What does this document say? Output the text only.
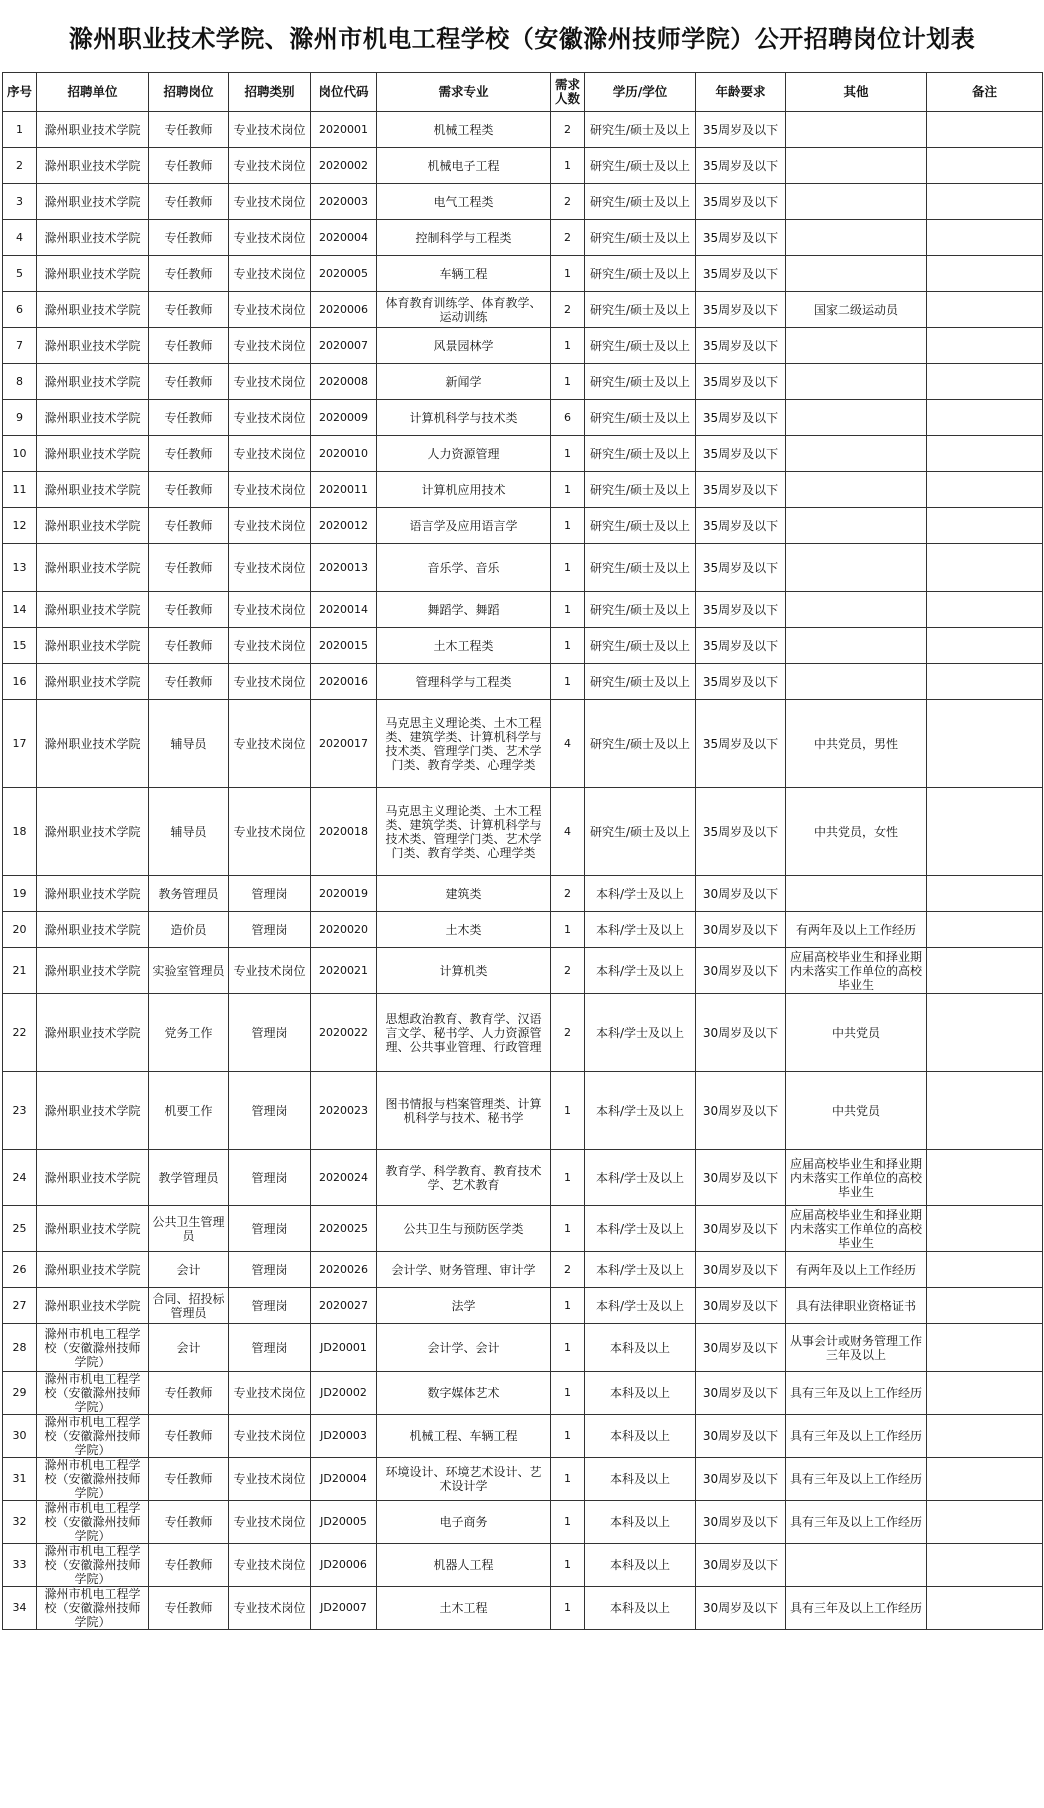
滁州职业技术学院、滁州市机电工程学校（安徽滁州技师学院）公开招聘岗位计划表
序号	招聘单位	招聘岗位	招聘类别	岗位代码	需求专业	需求人数	学历/学位	年龄要求	其他	备注
1	滁州职业技术学院	专任教师	专业技术岗位	2020001	机械工程类	2	研究生/硕士及以上	35周岁及以下		
2	滁州职业技术学院	专任教师	专业技术岗位	2020002	机械电子工程	1	研究生/硕士及以上	35周岁及以下		
3	滁州职业技术学院	专任教师	专业技术岗位	2020003	电气工程类	2	研究生/硕士及以上	35周岁及以下		
4	滁州职业技术学院	专任教师	专业技术岗位	2020004	控制科学与工程类	2	研究生/硕士及以上	35周岁及以下		
5	滁州职业技术学院	专任教师	专业技术岗位	2020005	车辆工程	1	研究生/硕士及以上	35周岁及以下		
6	滁州职业技术学院	专任教师	专业技术岗位	2020006	体育教育训练学、体育教学、运动训练	2	研究生/硕士及以上	35周岁及以下	国家二级运动员	
7	滁州职业技术学院	专任教师	专业技术岗位	2020007	风景园林学	1	研究生/硕士及以上	35周岁及以下		
8	滁州职业技术学院	专任教师	专业技术岗位	2020008	新闻学	1	研究生/硕士及以上	35周岁及以下		
9	滁州职业技术学院	专任教师	专业技术岗位	2020009	计算机科学与技术类	6	研究生/硕士及以上	35周岁及以下		
10	滁州职业技术学院	专任教师	专业技术岗位	2020010	人力资源管理	1	研究生/硕士及以上	35周岁及以下		
11	滁州职业技术学院	专任教师	专业技术岗位	2020011	计算机应用技术	1	研究生/硕士及以上	35周岁及以下		
12	滁州职业技术学院	专任教师	专业技术岗位	2020012	语言学及应用语言学	1	研究生/硕士及以上	35周岁及以下		
13	滁州职业技术学院	专任教师	专业技术岗位	2020013	音乐学、音乐	1	研究生/硕士及以上	35周岁及以下		
14	滁州职业技术学院	专任教师	专业技术岗位	2020014	舞蹈学、舞蹈	1	研究生/硕士及以上	35周岁及以下		
15	滁州职业技术学院	专任教师	专业技术岗位	2020015	土木工程类	1	研究生/硕士及以上	35周岁及以下		
16	滁州职业技术学院	专任教师	专业技术岗位	2020016	管理科学与工程类	1	研究生/硕士及以上	35周岁及以下		
17	滁州职业技术学院	辅导员	专业技术岗位	2020017	马克思主义理论类、土木工程类、建筑学类、计算机科学与技术类、管理学门类、艺术学门类、教育学类、心理学类	4	研究生/硕士及以上	35周岁及以下	中共党员，男性	
18	滁州职业技术学院	辅导员	专业技术岗位	2020018	马克思主义理论类、土木工程类、建筑学类、计算机科学与技术类、管理学门类、艺术学门类、教育学类、心理学类	4	研究生/硕士及以上	35周岁及以下	中共党员，女性	
19	滁州职业技术学院	教务管理员	管理岗	2020019	建筑类	2	本科/学士及以上	30周岁及以下		
20	滁州职业技术学院	造价员	管理岗	2020020	土木类	1	本科/学士及以上	30周岁及以下	有两年及以上工作经历	
21	滁州职业技术学院	实验室管理员	专业技术岗位	2020021	计算机类	2	本科/学士及以上	30周岁及以下	应届高校毕业生和择业期内未落实工作单位的高校毕业生	
22	滁州职业技术学院	党务工作	管理岗	2020022	思想政治教育、教育学、汉语言文学、秘书学、人力资源管理、公共事业管理、行政管理	2	本科/学士及以上	30周岁及以下	中共党员	
23	滁州职业技术学院	机要工作	管理岗	2020023	图书情报与档案管理类、计算机科学与技术、秘书学	1	本科/学士及以上	30周岁及以下	中共党员	
24	滁州职业技术学院	教学管理员	管理岗	2020024	教育学、科学教育、教育技术学、艺术教育	1	本科/学士及以上	30周岁及以下	应届高校毕业生和择业期内未落实工作单位的高校毕业生	
25	滁州职业技术学院	公共卫生管理员	管理岗	2020025	公共卫生与预防医学类	1	本科/学士及以上	30周岁及以下	应届高校毕业生和择业期内未落实工作单位的高校毕业生	
26	滁州职业技术学院	会计	管理岗	2020026	会计学、财务管理、审计学	2	本科/学士及以上	30周岁及以下	有两年及以上工作经历	
27	滁州职业技术学院	合同、招投标管理员	管理岗	2020027	法学	1	本科/学士及以上	30周岁及以下	具有法律职业资格证书	
28	滁州市机电工程学校（安徽滁州技师学院）	会计	管理岗	JD20001	会计学、会计	1	本科及以上	30周岁及以下	从事会计或财务管理工作三年及以上	
29	滁州市机电工程学校（安徽滁州技师学院）	专任教师	专业技术岗位	JD20002	数字媒体艺术	1	本科及以上	30周岁及以下	具有三年及以上工作经历	
30	滁州市机电工程学校（安徽滁州技师学院）	专任教师	专业技术岗位	JD20003	机械工程、车辆工程	1	本科及以上	30周岁及以下	具有三年及以上工作经历	
31	滁州市机电工程学校（安徽滁州技师学院）	专任教师	专业技术岗位	JD20004	环境设计、环境艺术设计、艺术设计学	1	本科及以上	30周岁及以下	具有三年及以上工作经历	
32	滁州市机电工程学校（安徽滁州技师学院）	专任教师	专业技术岗位	JD20005	电子商务	1	本科及以上	30周岁及以下	具有三年及以上工作经历	
33	滁州市机电工程学校（安徽滁州技师学院）	专任教师	专业技术岗位	JD20006	机器人工程	1	本科及以上	30周岁及以下		
34	滁州市机电工程学校（安徽滁州技师学院）	专任教师	专业技术岗位	JD20007	土木工程	1	本科及以上	30周岁及以下	具有三年及以上工作经历	
